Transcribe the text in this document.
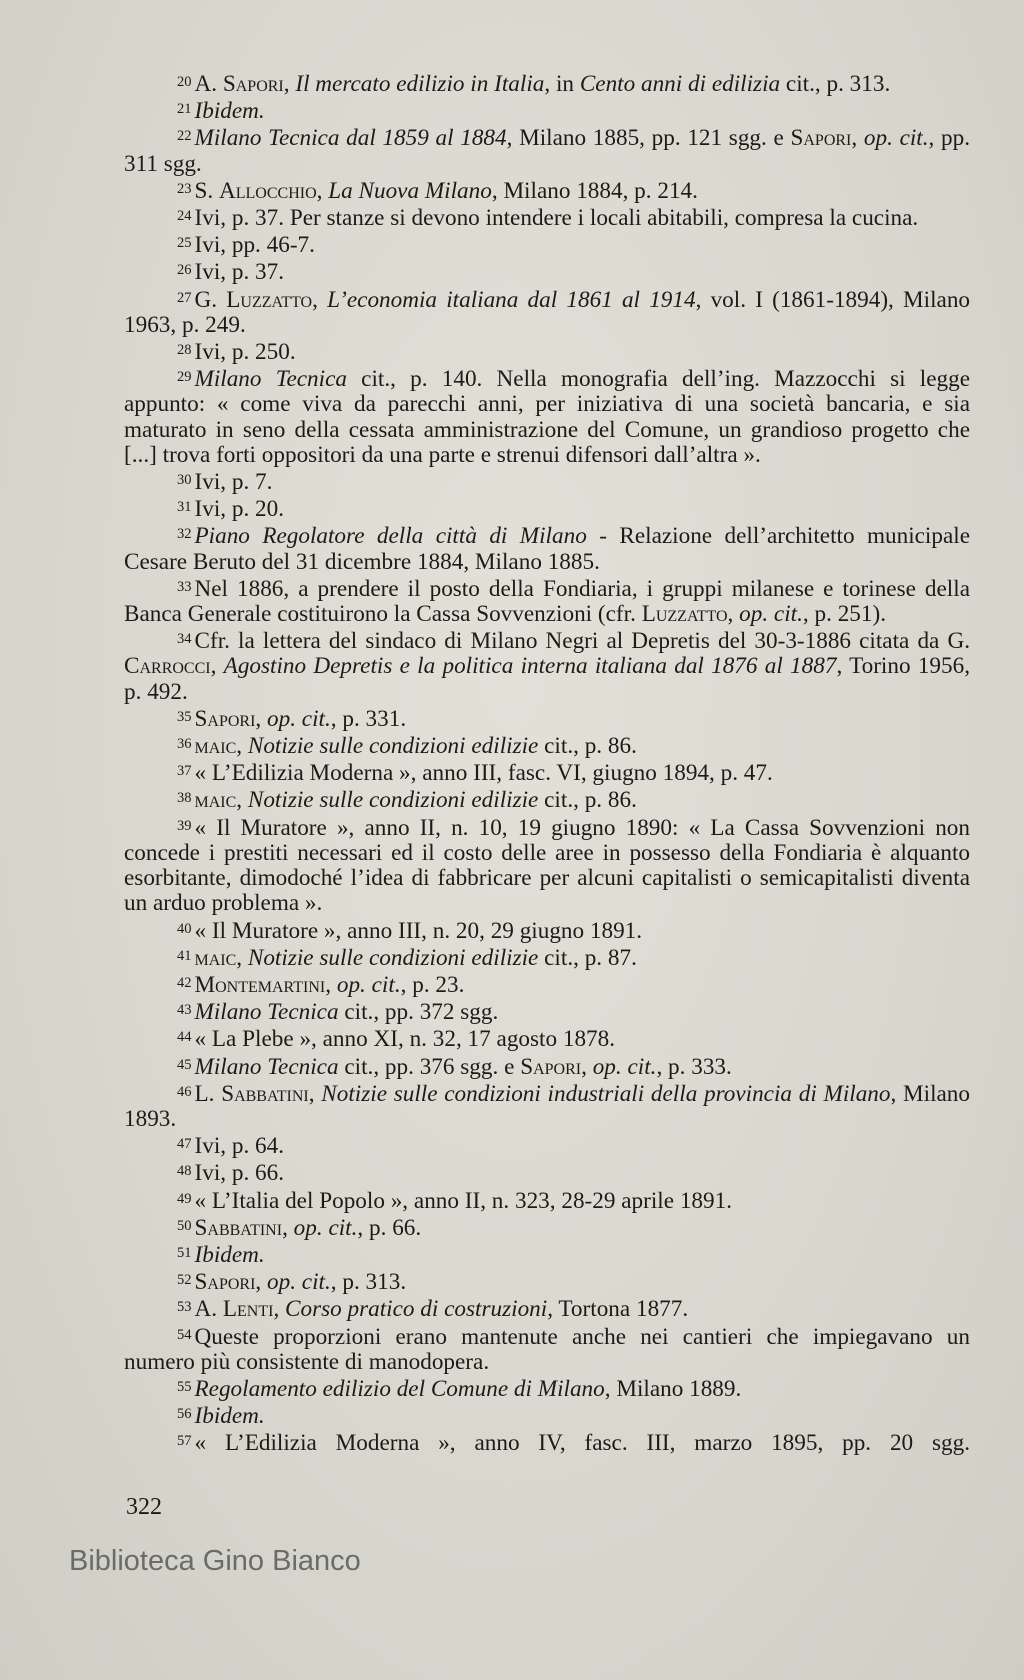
$^{20}$ A. Sapori, Il mercato edilizio in Italia, in Cento anni di edilizia cit., p. 313.

$^{21}$ Ibidem.

$^{22}$ Milano Tecnica dal 1859 al 1884, Milano 1885, pp. 121 sgg. e Sapori, op. cit., pp. 311 sgg.

$^{23}$ S. Allocchio, La Nuova Milano, Milano 1884, p. 214.

$^{24}$ Ivi, p. 37. Per stanze si devono intendere i locali abitabili, compresa la cucina.

$^{25}$ Ivi, pp. 46-7.

$^{26}$ Ivi, p. 37.

$^{27}$ G. Luzzatto, L’economia italiana dal 1861 al 1914, vol. I (1861-1894), Milano 1963, p. 249.

$^{28}$ Ivi, p. 250.

$^{29}$ Milano Tecnica cit., p. 140. Nella monografia dell’ing. Mazzocchi si legge appunto: « come viva da parecchi anni, per iniziativa di una società bancaria, e sia maturato in seno della cessata amministrazione del Comune, un grandioso progetto che [...] trova forti oppositori da una parte e strenui difensori dall’altra ».

$^{30}$ Ivi, p. 7.

$^{31}$ Ivi, p. 20.

$^{32}$ Piano Regolatore della città di Milano - Relazione dell’architetto municipale Cesare Beruto del 31 dicembre 1884, Milano 1885.

$^{33}$ Nel 1886, a prendere il posto della Fondiaria, i gruppi milanese e torinese della Banca Generale costituirono la Cassa Sovvenzioni (cfr. Luzzatto, op. cit., p. 251).

$^{34}$ Cfr. la lettera del sindaco di Milano Negri al Depretis del 30-3-1886 citata da G. Carrocci, Agostino Depretis e la politica interna italiana dal 1876 al 1887, Torino 1956, p. 492.

$^{35}$ Sapori, op. cit., p. 331.

$^{36}$ maic, Notizie sulle condizioni edilizie cit., p. 86.

$^{37}$ « L’Edilizia Moderna », anno III, fasc. VI, giugno 1894, p. 47.

$^{38}$ maic, Notizie sulle condizioni edilizie cit., p. 86.

$^{39}$ « Il Muratore », anno II, n. 10, 19 giugno 1890: « La Cassa Sovvenzioni non concede i prestiti necessari ed il costo delle aree in possesso della Fondiaria è alquanto esorbitante, dimodoché l’idea di fabbricare per alcuni capitalisti o semicapitalisti diventa un arduo problema ».

$^{40}$ « Il Muratore », anno III, n. 20, 29 giugno 1891.

$^{41}$ maic, Notizie sulle condizioni edilizie cit., p. 87.

$^{42}$ Montemartini, op. cit., p. 23.

$^{43}$ Milano Tecnica cit., pp. 372 sgg.

$^{44}$ « La Plebe », anno XI, n. 32, 17 agosto 1878.

$^{45}$ Milano Tecnica cit., pp. 376 sgg. e Sapori, op. cit., p. 333.

$^{46}$ L. Sabbatini, Notizie sulle condizioni industriali della provincia di Milano, Milano 1893.

$^{47}$ Ivi, p. 64.

$^{48}$ Ivi, p. 66.

$^{49}$ « L’Italia del Popolo », anno II, n. 323, 28-29 aprile 1891.

$^{50}$ Sabbatini, op. cit., p. 66.

$^{51}$ Ibidem.

$^{52}$ Sapori, op. cit., p. 313.

$^{53}$ A. Lenti, Corso pratico di costruzioni, Tortona 1877.

$^{54}$ Queste proporzioni erano mantenute anche nei cantieri che impiegavano un numero più consistente di manodopera.

$^{55}$ Regolamento edilizio del Comune di Milano, Milano 1889.

$^{56}$ Ibidem.

$^{57}$ « L’Edilizia Moderna », anno IV, fasc. III, marzo 1895, pp. 20 sgg.

322
Biblioteca Gino Bianco
